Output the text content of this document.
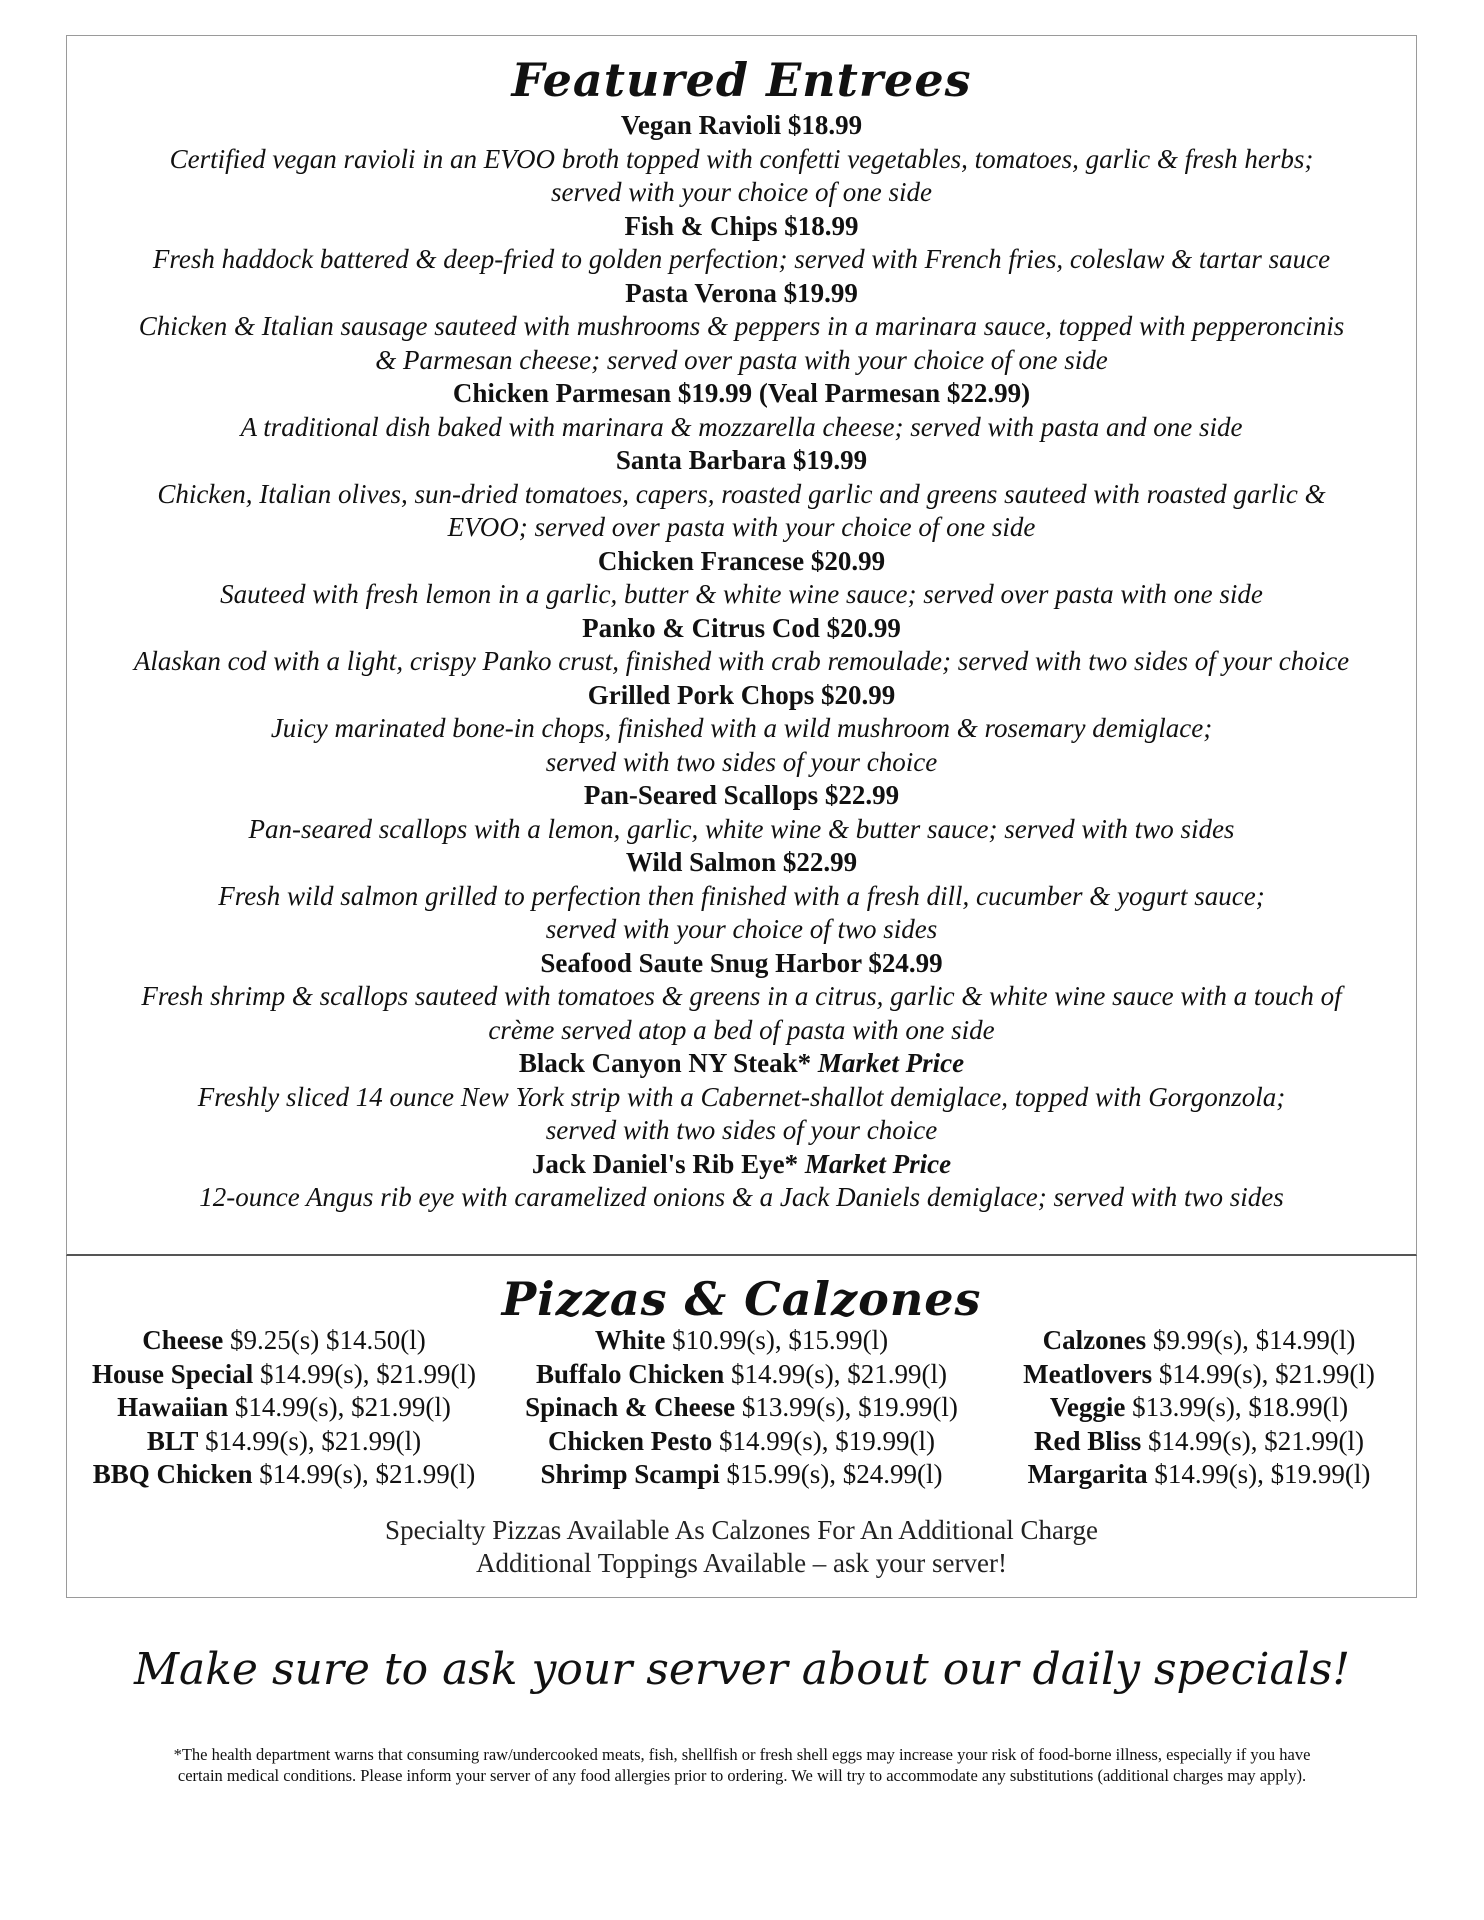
Featured Entrees
Vegan Ravioli $18.99
Certified vegan ravioli in an EVOO broth topped with confetti vegetables, tomatoes, garlic & fresh herbs;
served with your choice of one side
Fish & Chips $18.99
Fresh haddock battered & deep-fried to golden perfection; served with French fries, coleslaw & tartar sauce
Pasta Verona $19.99
Chicken & Italian sausage sauteed with mushrooms & peppers in a marinara sauce, topped with pepperoncinis
& Parmesan cheese; served over pasta with your choice of one side
Chicken Parmesan $19.99 (Veal Parmesan $22.99)
A traditional dish baked with marinara & mozzarella cheese; served with pasta and one side
Santa Barbara $19.99
Chicken, Italian olives, sun-dried tomatoes, capers, roasted garlic and greens sauteed with roasted garlic &
EVOO; served over pasta with your choice of one side
Chicken Francese $20.99
Sauteed with fresh lemon in a garlic, butter & white wine sauce; served over pasta with one side
Panko & Citrus Cod $20.99
Alaskan cod with a light, crispy Panko crust, finished with crab remoulade; served with two sides of your choice
Grilled Pork Chops $20.99
Juicy marinated bone-in chops, finished with a wild mushroom & rosemary demiglace;
served with two sides of your choice
Pan-Seared Scallops $22.99
Pan-seared scallops with a lemon, garlic, white wine & butter sauce; served with two sides
Wild Salmon $22.99
Fresh wild salmon grilled to perfection then finished with a fresh dill, cucumber & yogurt sauce;
served with your choice of two sides
Seafood Saute Snug Harbor $24.99
Fresh shrimp & scallops sauteed with tomatoes & greens in a citrus, garlic & white wine sauce with a touch of
crème served atop a bed of pasta with one side
Black Canyon NY Steak* Market Price
Freshly sliced 14 ounce New York strip with a Cabernet-shallot demiglace, topped with Gorgonzola;
served with two sides of your choice
Jack Daniel's Rib Eye* Market Price
12-ounce Angus rib eye with caramelized onions & a Jack Daniels demiglace; served with two sides
Pizzas & Calzones
Cheese $9.25(s) $14.50(l)
House Special $14.99(s), $21.99(l)
Hawaiian $14.99(s), $21.99(l)
BLT $14.99(s), $21.99(l)
BBQ Chicken $14.99(s), $21.99(l)
White $10.99(s), $15.99(l)
Buffalo Chicken $14.99(s), $21.99(l)
Spinach & Cheese $13.99(s), $19.99(l)
Chicken Pesto $14.99(s), $19.99(l)
Shrimp Scampi $15.99(s), $24.99(l)
Calzones $9.99(s), $14.99(l)
Meatlovers $14.99(s), $21.99(l)
Veggie $13.99(s), $18.99(l)
Red Bliss $14.99(s), $21.99(l)
Margarita $14.99(s), $19.99(l)
Specialty Pizzas Available As Calzones For An Additional Charge
Additional Toppings Available – ask your server!
Make sure to ask your server about our daily specials!
*The health department warns that consuming raw/undercooked meats, fish, shellfish or fresh shell eggs may increase your risk of food-borne illness, especially if you have
certain medical conditions. Please inform your server of any food allergies prior to ordering. We will try to accommodate any substitutions (additional charges may apply).
